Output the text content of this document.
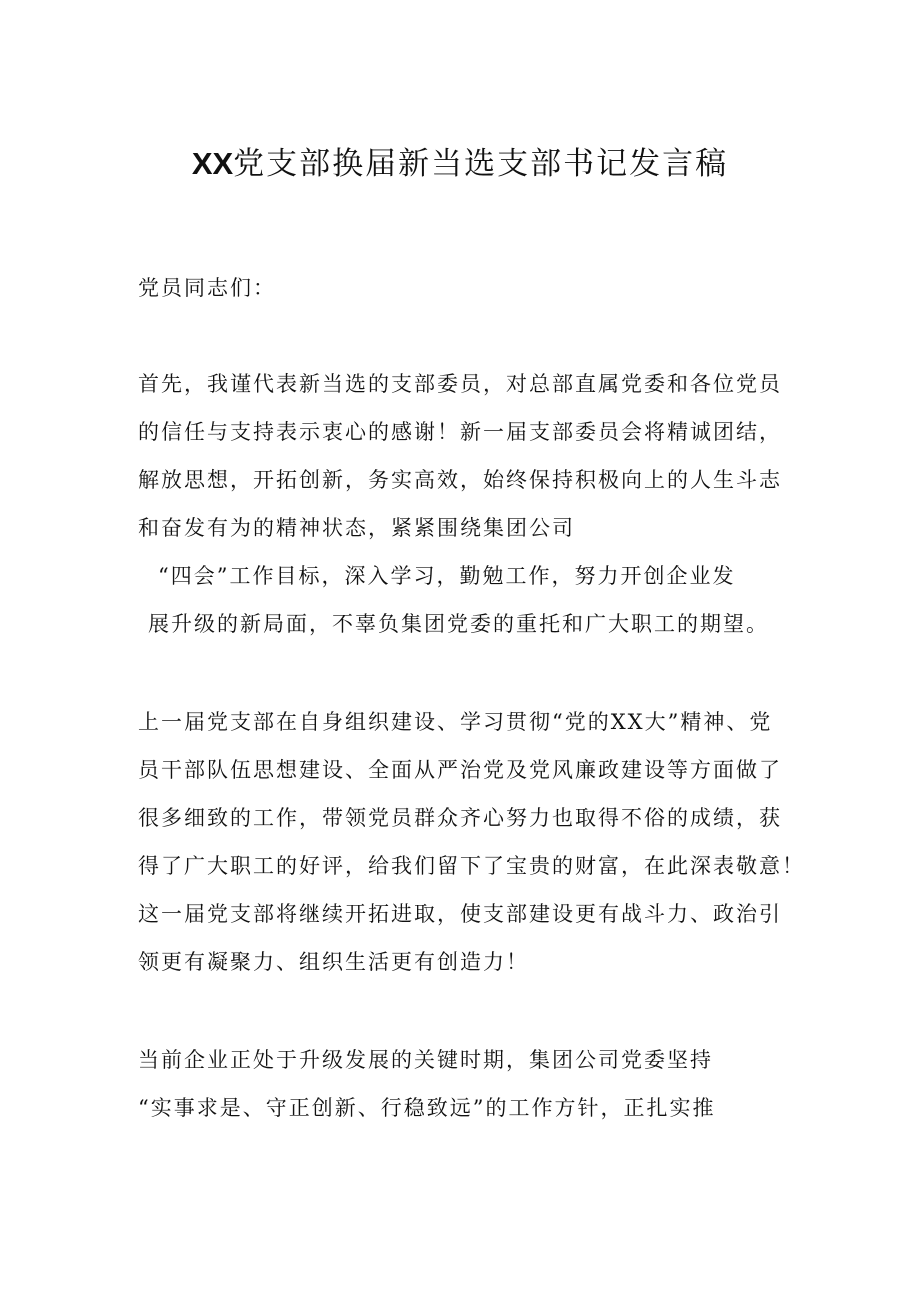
XX党支部换届新当选支部书记发言稿
党员同志们：
首先，我谨代表新当选的支部委员，对总部直属党委和各位党员
的信任与支持表示衷心的感谢！新一届支部委员会将精诚团结，
解放思想，开拓创新，务实高效，始终保持积极向上的人生斗志
和奋发有为的精神状态，紧紧围绕集团公司
“四会”工作目标，深入学习，勤勉工作，努力开创企业发
展升级的新局面，不辜负集团党委的重托和广大职工的期望。
上一届党支部在自身组织建设、学习贯彻“党的XX大”精神、党
员干部队伍思想建设、全面从严治党及党风廉政建设等方面做了
很多细致的工作，带领党员群众齐心努力也取得不俗的成绩，获
得了广大职工的好评，给我们留下了宝贵的财富，在此深表敬意！
这一届党支部将继续开拓进取，使支部建设更有战斗力、政治引
领更有凝聚力、组织生活更有创造力！
当前企业正处于升级发展的关键时期，集团公司党委坚持
“实事求是、守正创新、行稳致远”的工作方针，正扎实推
